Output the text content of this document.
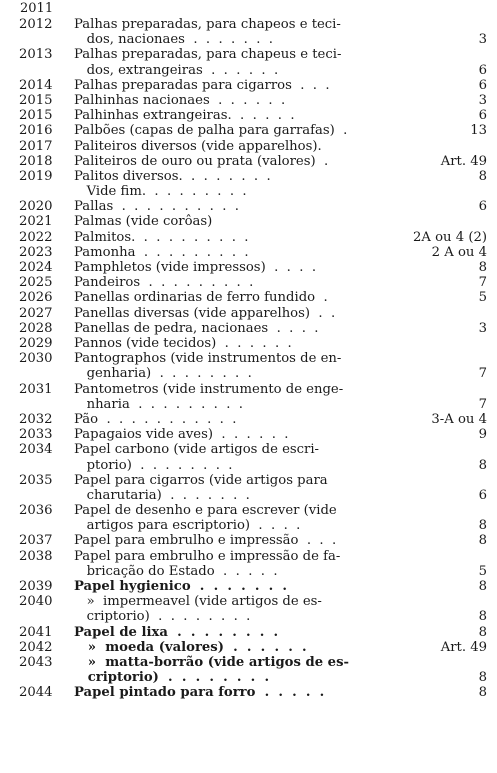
2011
2012 Palhas preparadas, para chapeos e teci-
dos, nacionaes  .  .  .  .  .  .  .	3
2013 Palhas preparadas, para chapeus e teci-
dos, extrangeiras  .  .  .  .  .  .	6
2014 Palhas preparadas para cigarros  .  .  .	6
2015 Palhinhas nacionaes  .  .  .  .  .  .	3
2015 Palhinhas extrangeiras.  .  .  .  .  .	6
2016 Palbões (capas de palha para garrafas)  .	13
2017 Paliteiros diversos (vide apparelhos).
2018 Paliteiros de ouro ou prata (valores)  .	Art. 49
2019 Palitos diversos.  .  .  .  .  .  .  .	8
Vide fim.  .  .  .  .  .  .  .  .
2020 Pallas  .  .  .  .  .  .  .  .  .  .	6
2021 Palmas (vide corôas)
2022 Palmitos.  .  .  .  .  .  .  .  .  .	2A ou 4 (2)
2023 Pamonha  .  .  .  .  .  .  .  .  .	2 A ou 4
2024 Pamphletos (vide impressos)  .  .  .  .	8
2025 Pandeiros  .  .  .  .  .  .  .  .  .	7
2026 Panellas ordinarias de ferro fundido  .	5
2027 Panellas diversas (vide apparelhos)  .  .
2028 Panellas de pedra, nacionaes  .  .  .  .	3
2029 Pannos (vide tecidos)  .  .  .  .  .  .
2030 Pantographos (vide instrumentos de en-
genharia)  .  .  .  .  .  .  .  .	7
2031 Pantometros (vide instrumento de enge-
nharia  .  .  .  .  .  .  .  .  .	7
2032 Pão  .  .  .  .  .  .  .  .  .  .  .	3-A ou 4
2033 Papagaios vide aves)  .  .  .  .  .  .	9
2034 Papel carbono (vide artigos de escri-
ptorio)  .  .  .  .  .  .  .  .	8
2035 Papel para cigarros (vide artigos para
charutaria)  .  .  .  .  .  .  .	6
2036 Papel de desenho e para escrever (vide
artigos para escriptorio)  .  .  .  .	8
2037 Papel para embrulho e impressão  .  .  .	8
2038 Papel para embrulho e impressão de fa-
bricação do Estado  .  .  .  .  .	5
2039 Papel hygienico  .  .  .  .  .  .  .	8
2040 »  impermeavel (vide artigos de es-
criptorio)  .  .  .  .  .  .  .  .	8
2041 Papel de lixa  .  .  .  .  .  .  .  .	8
2042 »  moeda (valores)  .  .  .  .  .  .	Art. 49
2043 »  matta-borrão (vide artigos de es-
criptorio)  .  .  .  .  .  .  .  .	8
2044 Papel pintado para forro  .  .  .  .  .	8
